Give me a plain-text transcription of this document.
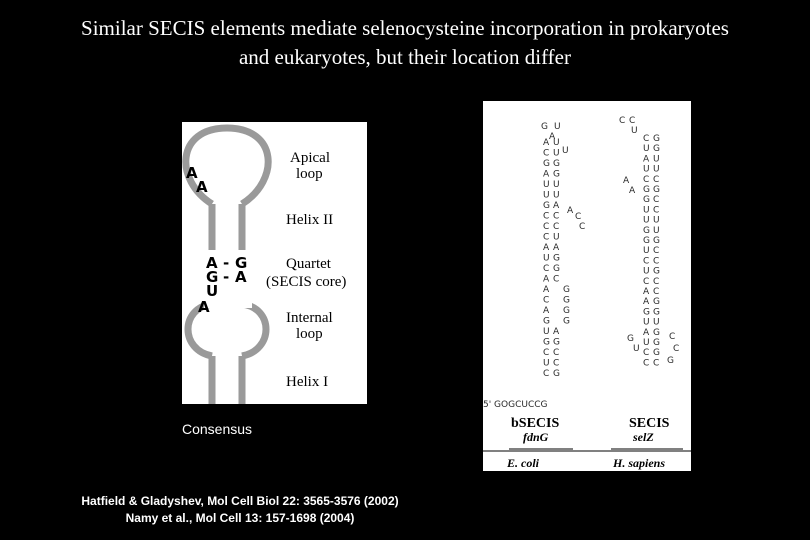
Similar SECIS elements mediate selenocysteine incorporation in prokaryotes
and eukaryotes, but their location differ
A
A
A - G
G - A
U
A
Apical
loop
Helix II
Quartet
(SECIS core)
Internal
loop
Helix I
Consensus
5' GOGCUCCG
G U
A
U
A
C
G
A
U
U
G
C
C
C
A
U
C
A
A
C
A
G
U
G
C
U
C
U
U
G
G
U
U
A
C
C
U
A
G
G
C
G
G
G
G
A
G
C
C
G
A
C
C
C C
U
C
U
A
U
C
G
G
U
U
G
G
U
C
U
C
A
A
G
U
A
U
C
C
G
G
U
U
C
G
C
C
U
U
G
C
C
G
C
C
G
G
U
G
G
G
C
A
A
G
U
C
C
G
bSECIS
fdnG
SECIS
selZ
E. coli	H. sapiens
Hatfield & Gladyshev, Mol Cell Biol 22: 3565-3576 (2002)
Namy et al., Mol Cell 13: 157-1698 (2004)
